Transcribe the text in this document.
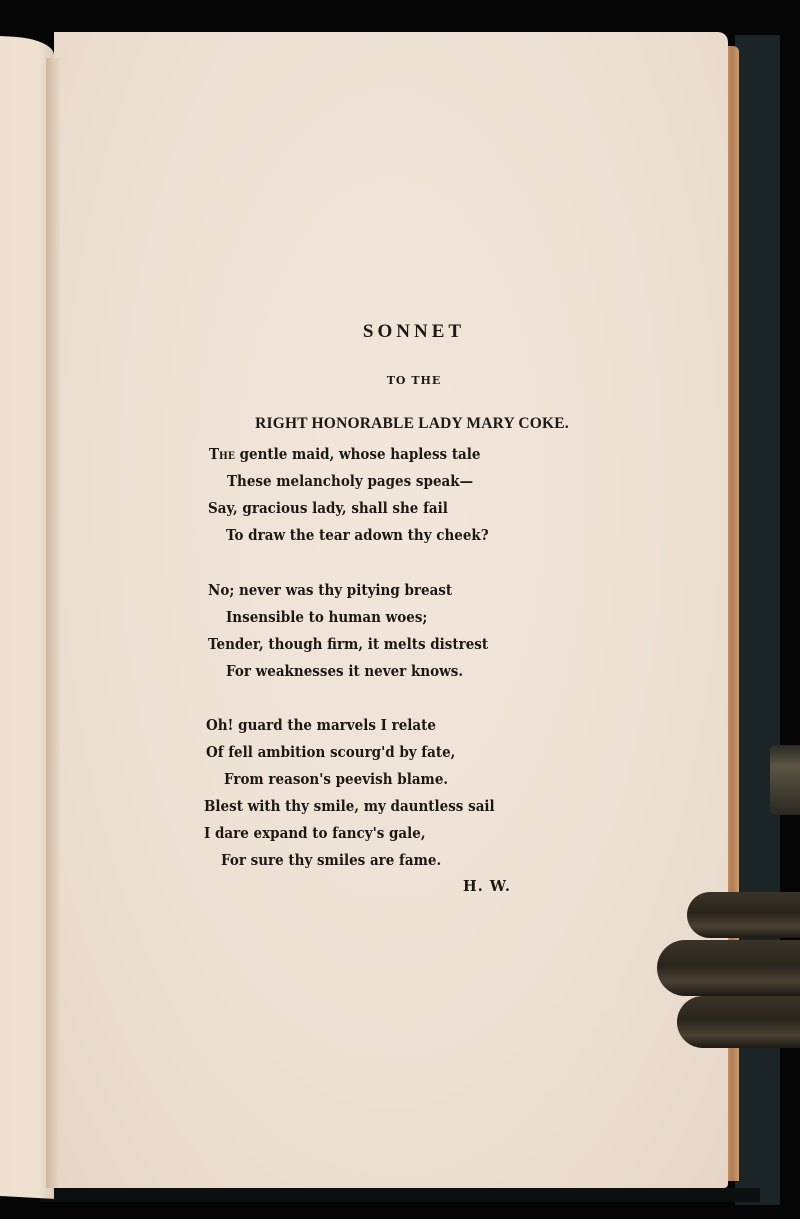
SONNET
TO THE
RIGHT HONORABLE LADY MARY COKE.
The gentle maid, whose hapless tale
These melancholy pages speak—
Say, gracious lady, shall she fail
To draw the tear adown thy cheek?
No; never was thy pitying breast
Insensible to human woes;
Tender, though firm, it melts distrest
For weaknesses it never knows.
Oh! guard the marvels I relate
Of fell ambition scourg'd by fate,
From reason's peevish blame.
Blest with thy smile, my dauntless sail
I dare expand to fancy's gale,
For sure thy smiles are fame.
H. W.
